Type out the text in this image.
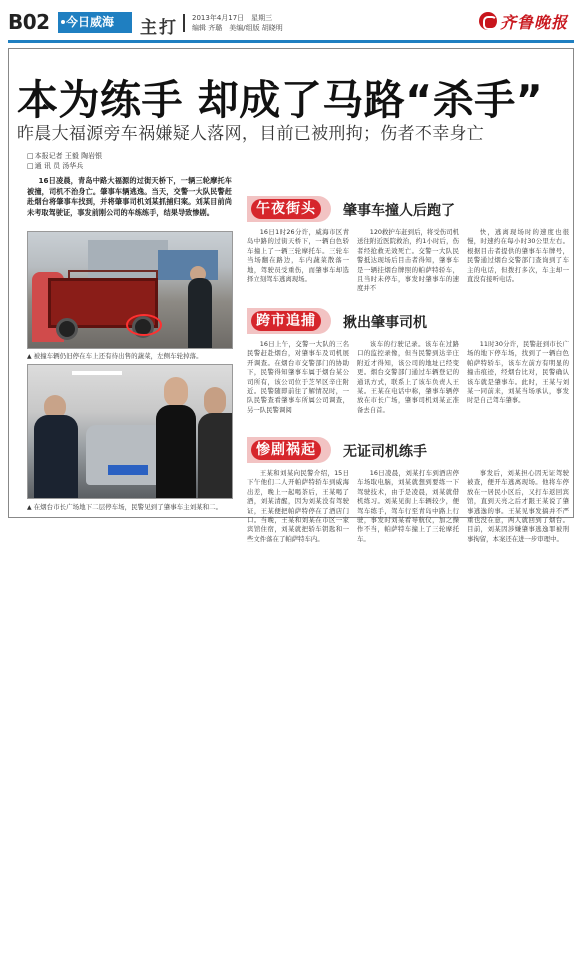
B02	今日威海	主打 2013年4月17日　星期三
编辑 齐璐　美编/组版 胡晓明	齐鲁晚报
本为练手 却成了马路“杀手”
昨晨大福源旁车祸嫌疑人落网，目前已被刑拘；伤者不幸身亡
□ 本报记者 王毅 陶岩银
□ 通 讯 员 汤华兵
16日凌晨，青岛中路大福源的过街天桥下，一辆三轮摩托车被撞，司机不治身亡。肇事车辆逃逸。当天，交警一大队民警赶赴烟台将肇事车找到，并将肇事司机刘某抓捕归案。刘某目前尚未考取驾驶证，事发前刚公司的车练练手，结果导致惨剧。
▲ 被撞车辆仍旧停在车上还有待出售的蔬菜，左侧车轮掉落。
▲ 在烟台市长广场地下二层停车场，民警见到了肇事车主刘某和二。
午夜街头	肇事车撞人后跑了

16日1时26分许，威海市区青岛中路的过街天桥下，一辆白色轿车撞上了一辆三轮摩托车。三轮车当场翻在路边，车内蔬菜散落一地，驾驶员受重伤，而肇事车却选择立刻驾车逃离现场。

120救护车赶到后，将受伤司机送往附近医院救治，约1小时后，伤者经抢救无效死亡。交警一大队民警抵达现场后目击者得知，肇事车是一辆挂烟台牌照的帕萨特轿车，且当时未停车，事发时肇事车的速度并不

快，逃离现场时的速度也很慢，时速约在每小时30公里左右。根据目击者提供的肇事车车牌号，民警通过烟台交警部门查询到了车主的电话，但拨打多次，车主却一直没有接听电话。

跨市追捕	揪出肇事司机

16日上午，交警一大队的三名民警赶赴烟台，对肇事车及司机展开调查。在烟台市交警部门的协助下，民警得知肇事车属于烟台某公司所有，该公司位于芝罘区辛庄附近。民警随即前往了解情况时，一队民警查看肇事车所属公司调查，另一队民警调阅

该车的行驶记录。该车在过路口的监控录像，但当民警到达辛庄附近才得知，该公司的地址已经变更。烟台交警部门通过车辆登记的通讯方式，联系上了该车负责人王某。王某在电话中称，肇事车辆停放在市长广场，肇事司机刘某正准备去自首。

11时30分许，民警赶到市长广场的地下停车场，找到了一辆白色帕萨特轿车，该车左前方有明显的撞击痕迹，经烟台比对，民警确认该车就是肇事车。此时，王某与刘某一同前来，刘某当场承认，事发时是自己驾车肇事。

惨剧祸起	无证司机练手

王某和刘某向民警介绍，15日下午他们二人开帕萨特轿车到威海出差，晚上一起喝茶后，王某喝了酒，刘某清醒，因为刘某没有驾驶证，王某便把帕萨特停在了酒店门口。当晚，王某和刘某在市区一家宾馆住宿，刘某就把轿车钥匙和一些文件落在了帕萨特车内。

16日凌晨，刘某打车到酒店停车场取电脑，刘某就想到要练一下驾驶技术，由于是凌晨，刘某就借机练习。刘某见街上车辆较少，便驾车练手，驾车行至青岛中路上行驶，事发时刘某看导航仪，加之操作不当，帕萨特车撞上了三轮摩托车。

事发后，刘某担心因无证驾驶被查，便开车逃离现场。他将车停放在一居民小区后，又打车返回宾馆，直到天亮之后才跟王某说了肇事逃逸的事。王某见事发搞并不严重也没在意，两人就回到了烟台。目前，刘某因涉嫌肇事逃逸罪被刑事拘留，本案还在进一步审理中。
